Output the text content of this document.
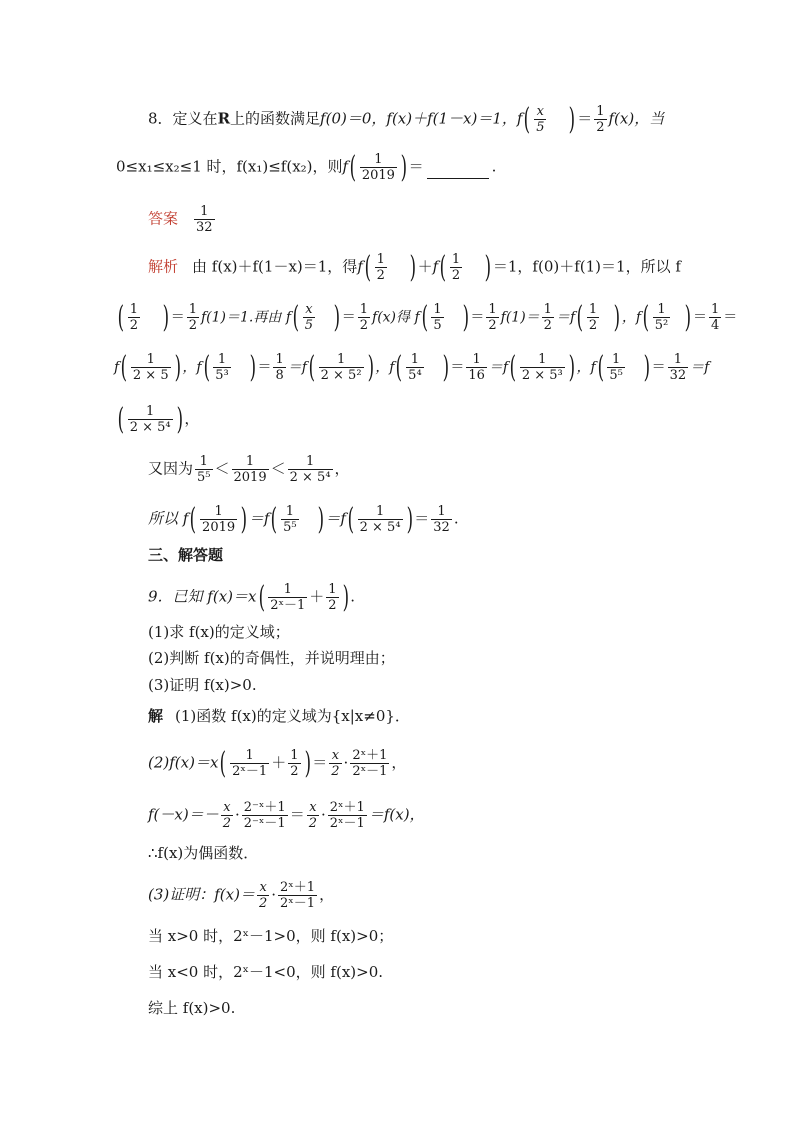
8．定义在R上的函数满足f(0)＝0，f(x)＋f(1－x)＝1，$f( \frac{x}{5}$ ) ＝ $\frac{1}{2} f(x)$，当
0≤x₁≤x₂≤1 时，f(x₁)≤f(x₂)，则$f( \frac{1}{2019}$ ) ＝	.
答案 $\frac{1}{32}$
解析 由 f(x)＋f(1－x)＝1，得$f( \frac{1}{2}$ ) $+f( \frac{1}{2}$ ) ＝1，f(0)＋f(1)＝1，所以 f
( $\frac{1}{2}$ ) ＝ $\frac{1}{2} f(1)=1$.再由 $f( \frac{x}{5}$ ) ＝ $\frac{1}{2} f(x)$得 $f( \frac{1}{5}$ ) ＝ $\frac{1}{2} f(1)= \frac{1}{2} =f( \frac{1}{2}$ ) ，$f( \frac{1}{\text{5²}}$ ) ＝ $\frac{1}{4}$ ＝
$f( \frac{1}{2 \times 5}$ ) ，$f( \frac{1}{\text{5³}}$ ) ＝ $\frac{1}{8} =f( \frac{1}{\text{2 × 5²}}$ ) ，$f( \frac{1}{\text{5⁴}}$ ) ＝ $\frac{1}{16} =f( \frac{1}{\text{2 × 5³}}$ ) ，$f( \frac{1}{\text{5⁵}}$ ) ＝ $\frac{1}{32} =f$
( $\frac{1}{\text{2 × 5⁴}}$ ) ，
又因为 $\frac{1}{\text{5⁵}} < \frac{1}{2019} < \frac{1}{\text{2 × 5⁴}}$ ，
所以 $f( \frac{1}{2019}$ ) $=f( \frac{1}{\text{5⁵}}$ ) $=f( \frac{1}{\text{2 × 5⁴}}$ ) ＝ $\frac{1}{32}$ .
三、解答题
9．已知 $f(x)=x( \frac{1}{\text{2ˣ－1}} + \frac{1}{2}$ ) .
(1)求 f(x)的定义域；
(2)判断 f(x)的奇偶性，并说明理由；
(3)证明 f(x)>0.
解 (1)函数 f(x)的定义域为{x|x≠0}．
$(2)f(x)=x( \frac{1}{\text{2ˣ－1}} + \frac{1}{2}$ ) ＝ $\frac{x}{2} \cdot \frac{\text{2ˣ＋1}}{\text{2ˣ－1}}$ ，
$f(-x)=- \frac{x}{2} \cdot \frac{\text{2⁻ˣ＋1}}{\text{2⁻ˣ－1}} = \frac{x}{2} \cdot \frac{\text{2ˣ＋1}}{\text{2ˣ－1}} =f(x)$，
∴f(x)为偶函数．
(3)证明：$f(x)= \frac{x}{2} \cdot \frac{\text{2ˣ＋1}}{\text{2ˣ－1}}$ ，
当 x>0 时，2ˣ－1>0，则 f(x)>0；
当 x<0 时，2ˣ－1<0，则 f(x)>0.
综上 f(x)>0.
